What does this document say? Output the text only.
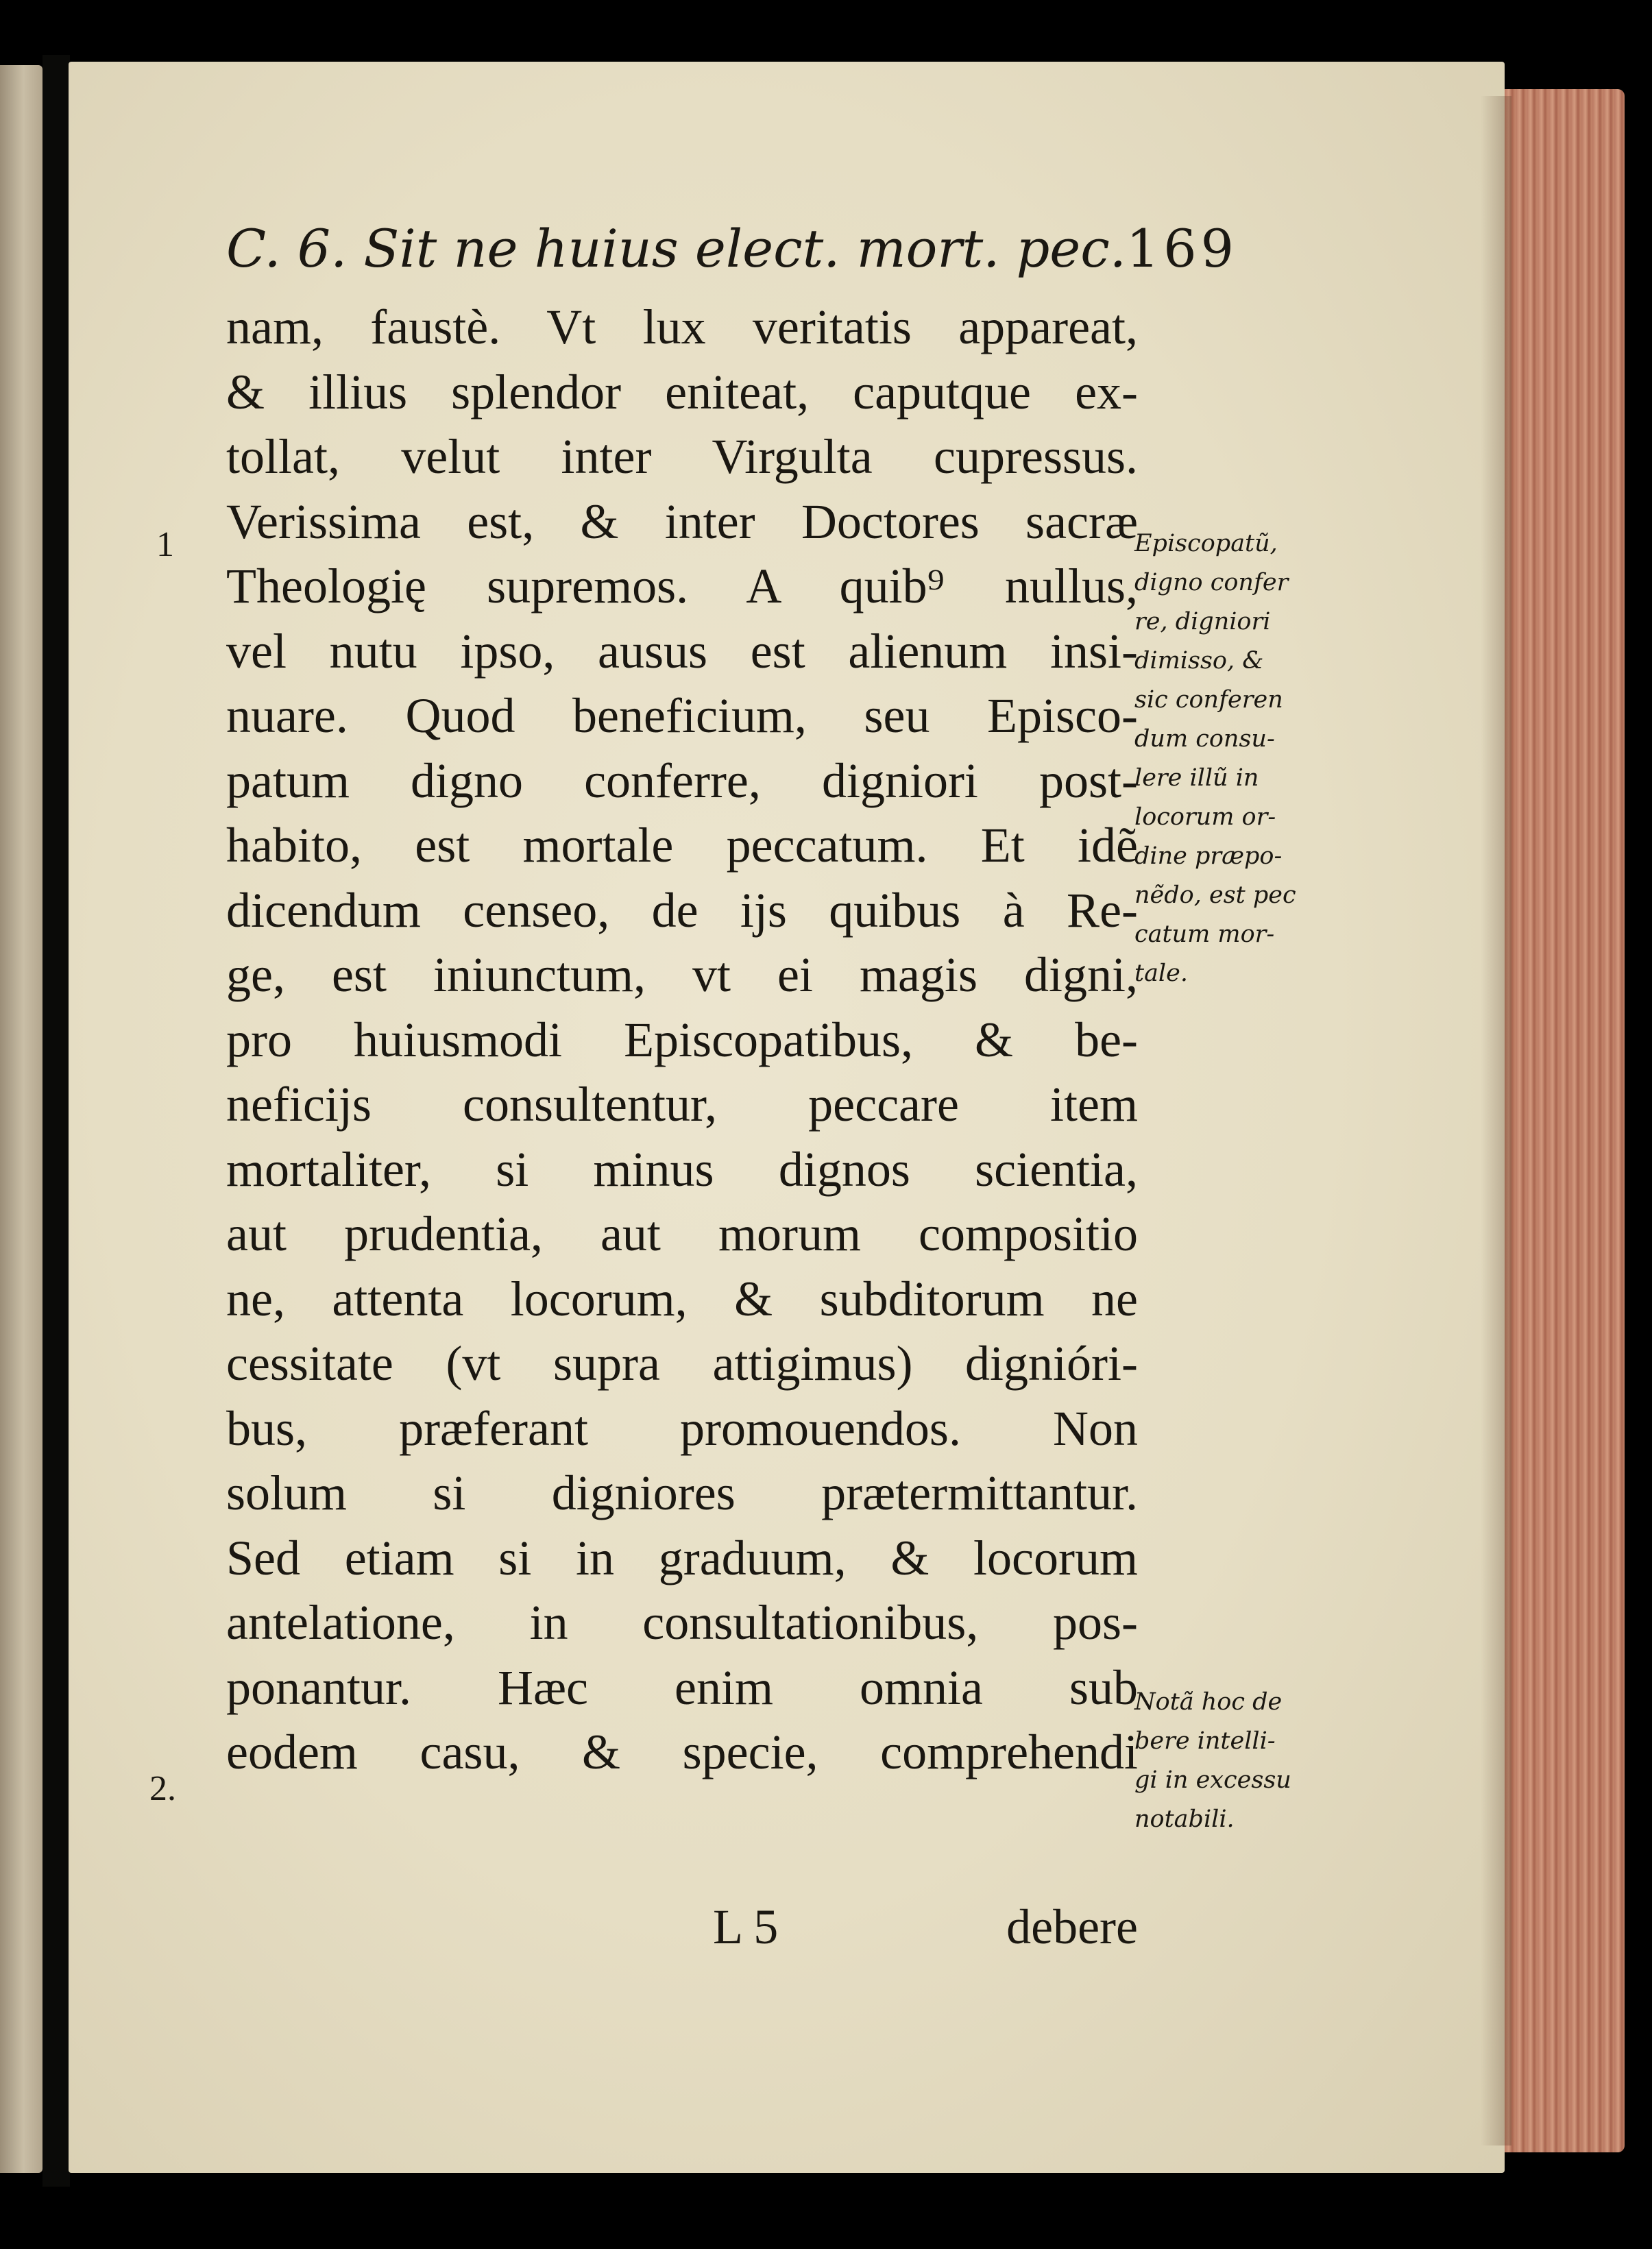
C. 6. Sit ne huius elect. mort. pec. 169
nam, faustè. Vt lux veritatis appareat,
& illius splendor eniteat, caputque ex-
tollat, velut inter Virgulta cupressus.
Verissima est, & inter Doctores sacræ
Theologię supremos. A quib⁹ nullus,
vel nutu ipso, ausus est alienum insi-
nuare. Quod beneficium, seu Episco-
patum digno conferre, digniori post-
habito, est mortale peccatum. Et idẽ
dicendum censeo, de ijs quibus à Re-
ge, est iniunctum, vt ei magis digni,
pro huiusmodi Episcopatibus, & be-
neficijs consultentur, peccare item
mortaliter, si minus dignos scientia,
aut prudentia, aut morum compositio
ne, attenta locorum, & subditorum ne
cessitate (vt supra attigimus) dignióri-
bus, præferant promouendos. Non
solum si digniores prætermittantur.
Sed etiam si in graduum, & locorum
antelatione, in consultationibus, pos-
ponantur. Hæc enim omnia sub
eodem casu, & specie, comprehendi
L 5	debere
1
2.
Episcopatũ,
digno confer
re, digniori
dimisso, &
sic conferen
dum consu-
lere illũ in
locorum or-
dine præpo-
nẽdo, est pec
catum mor-
tale.
Notã hoc de
bere intelli-
gi in excessu
notabili.
